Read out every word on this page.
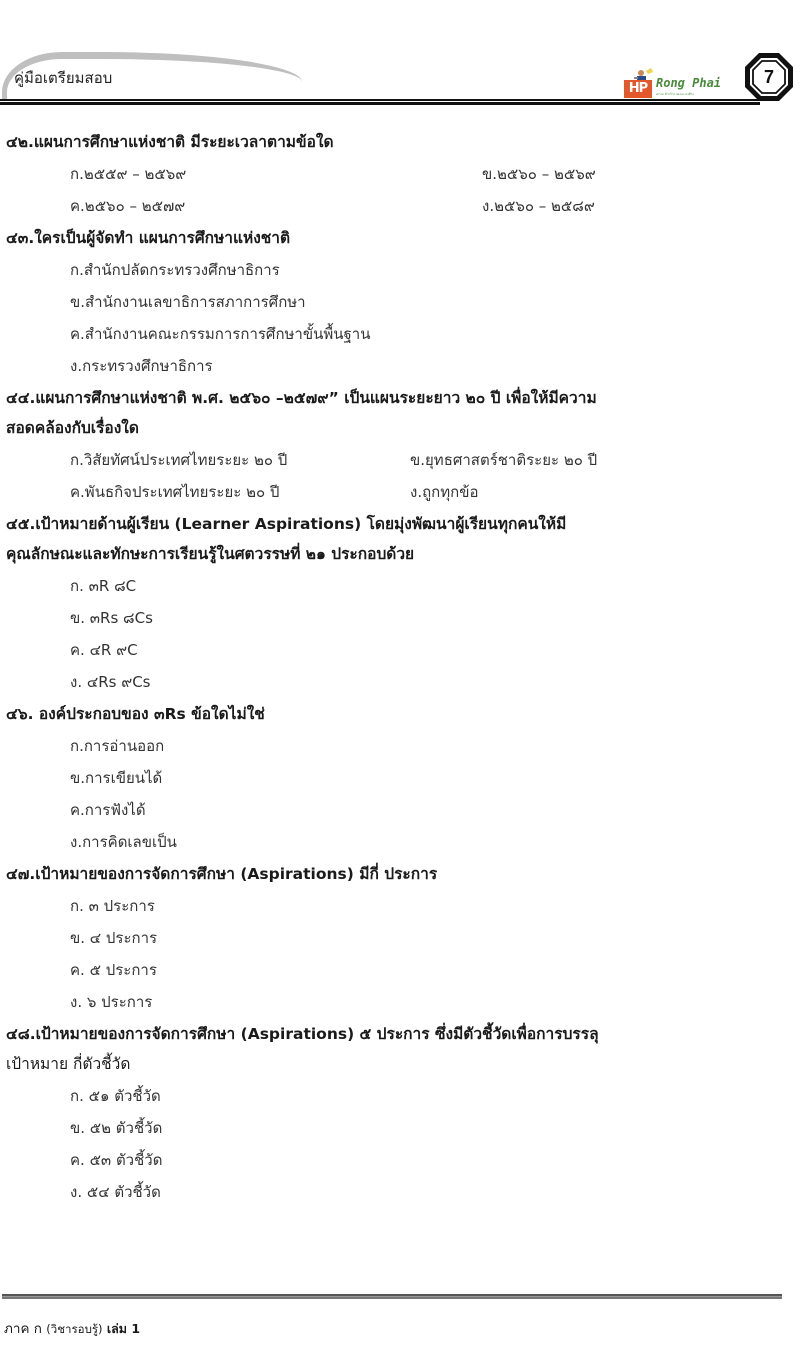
คู่มือเตรียมสอบ
HP Rong Phai
ศาลเจ้าบ้านพลแปงปิน
7
๔๒.แผนการศึกษาแห่งชาติ มีระยะเวลาตามข้อใด
ก.๒๕๕๙ – ๒๕๖๙	ข.๒๕๖๐ – ๒๕๖๙
ค.๒๕๖๐ – ๒๕๗๙	ง.๒๕๖๐ – ๒๕๘๙
๔๓.ใครเป็นผู้จัดทำ แผนการศึกษาแห่งชาติ
ก.สำนักปลัดกระทรวงศึกษาธิการ
ข.สำนักงานเลขาธิการสภาการศึกษา
ค.สำนักงานคณะกรรมการการศึกษาขั้นพื้นฐาน
ง.กระทรวงศึกษาธิการ
๔๔.แผนการศึกษาแห่งชาติ พ.ศ. ๒๕๖๐ –๒๕๗๙” เป็นแผนระยะยาว ๒๐ ปี เพื่อให้มีความ
สอดคล้องกับเรื่องใด
ก.วิสัยทัศน์ประเทศไทยระยะ ๒๐ ปี	ข.ยุทธศาสตร์ชาติระยะ ๒๐ ปี
ค.พันธกิจประเทศไทยระยะ ๒๐ ปี	ง.ถูกทุกข้อ
๔๕.เป้าหมายด้านผู้เรียน (Learner Aspirations) โดยมุ่งพัฒนาผู้เรียนทุกคนให้มี
คุณลักษณะและทักษะการเรียนรู้ในศตวรรษที่ ๒๑ ประกอบด้วย
ก. ๓R ๘C
ข. ๓Rs ๘Cs
ค. ๔R ๙C
ง. ๔Rs ๙Cs
๔๖. องค์ประกอบของ ๓Rs ข้อใดไม่ใช่
ก.การอ่านออก
ข.การเขียนได้
ค.การฟังได้
ง.การคิดเลขเป็น
๔๗.เป้าหมายของการจัดการศึกษา (Aspirations) มีกี่ ประการ
ก. ๓ ประการ
ข. ๔ ประการ
ค. ๕ ประการ
ง. ๖ ประการ
๔๘.เป้าหมายของการจัดการศึกษา (Aspirations) ๕ ประการ ซึ่งมีตัวชี้วัดเพื่อการบรรลุ
เป้าหมาย กี่ตัวชี้วัด
ก. ๕๑ ตัวชี้วัด
ข. ๕๒ ตัวชี้วัด
ค. ๕๓ ตัวชี้วัด
ง. ๕๔ ตัวชี้วัด
ภาค ก (วิชารอบรู้) เล่ม 1
